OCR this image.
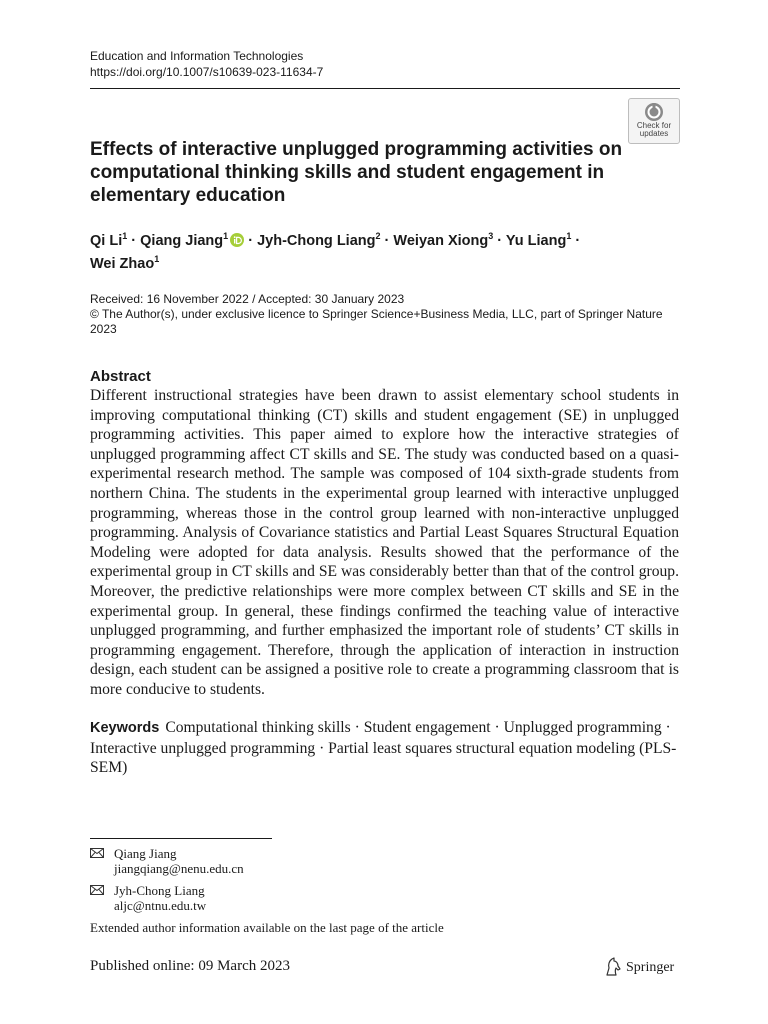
Education and Information Technologies
https://doi.org/10.1007/s10639-023-11634-7
Check for
updates
Effects of interactive unplugged programming activities on computational thinking skills and student engagement in elementary education
Qi $Li^1$ · Qiang Jiang$^1$ · Jyh-Chong Liang$^2$ · Weiyan Xiong$^3$ · Yu Liang$^1$ ·
Wei Zhao$^1$
Received: 16 November 2022 / Accepted: 30 January 2023
© The Author(s), under exclusive licence to Springer Science+Business Media, LLC, part of Springer Nature 2023
Abstract

Different instructional strategies have been drawn to assist elementary school students in improving computational thinking (CT) skills and student engagement (SE) in unplugged programming activities. This paper aimed to explore how the interactive strategies of unplugged programming affect CT skills and SE. The study was conducted based on a quasi-experimental research method. The sample was composed of 104 sixth-grade students from northern China. The students in the experimental group learned with interactive unplugged programming, whereas those in the control group learned with non-interactive unplugged programming. Analysis of Covariance statistics and Partial Least Squares Structural Equation Modeling were adopted for data analysis. Results showed that the performance of the experimental group in CT skills and SE was considerably better than that of the control group. Moreover, the predictive relationships were more complex between CT skills and SE in the experimental group. In general, these findings confirmed the teaching value of interactive unplugged programming, and further emphasized the important role of students’ CT skills in programming engagement. Therefore, through the application of interaction in instruction design, each student can be assigned a positive role to create a programming classroom that is more conducive to students.

Keywords Computational thinking skills · Student engagement · Unplugged programming · Interactive unplugged programming · Partial least squares structural equation modeling (PLS-SEM)

Qiang Jiang
jiangqiang@nenu.edu.cn
Jyh-Chong Liang
aljc@ntnu.edu.tw
Extended author information available on the last page of the article
Published online: 09 March 2023	Springer
